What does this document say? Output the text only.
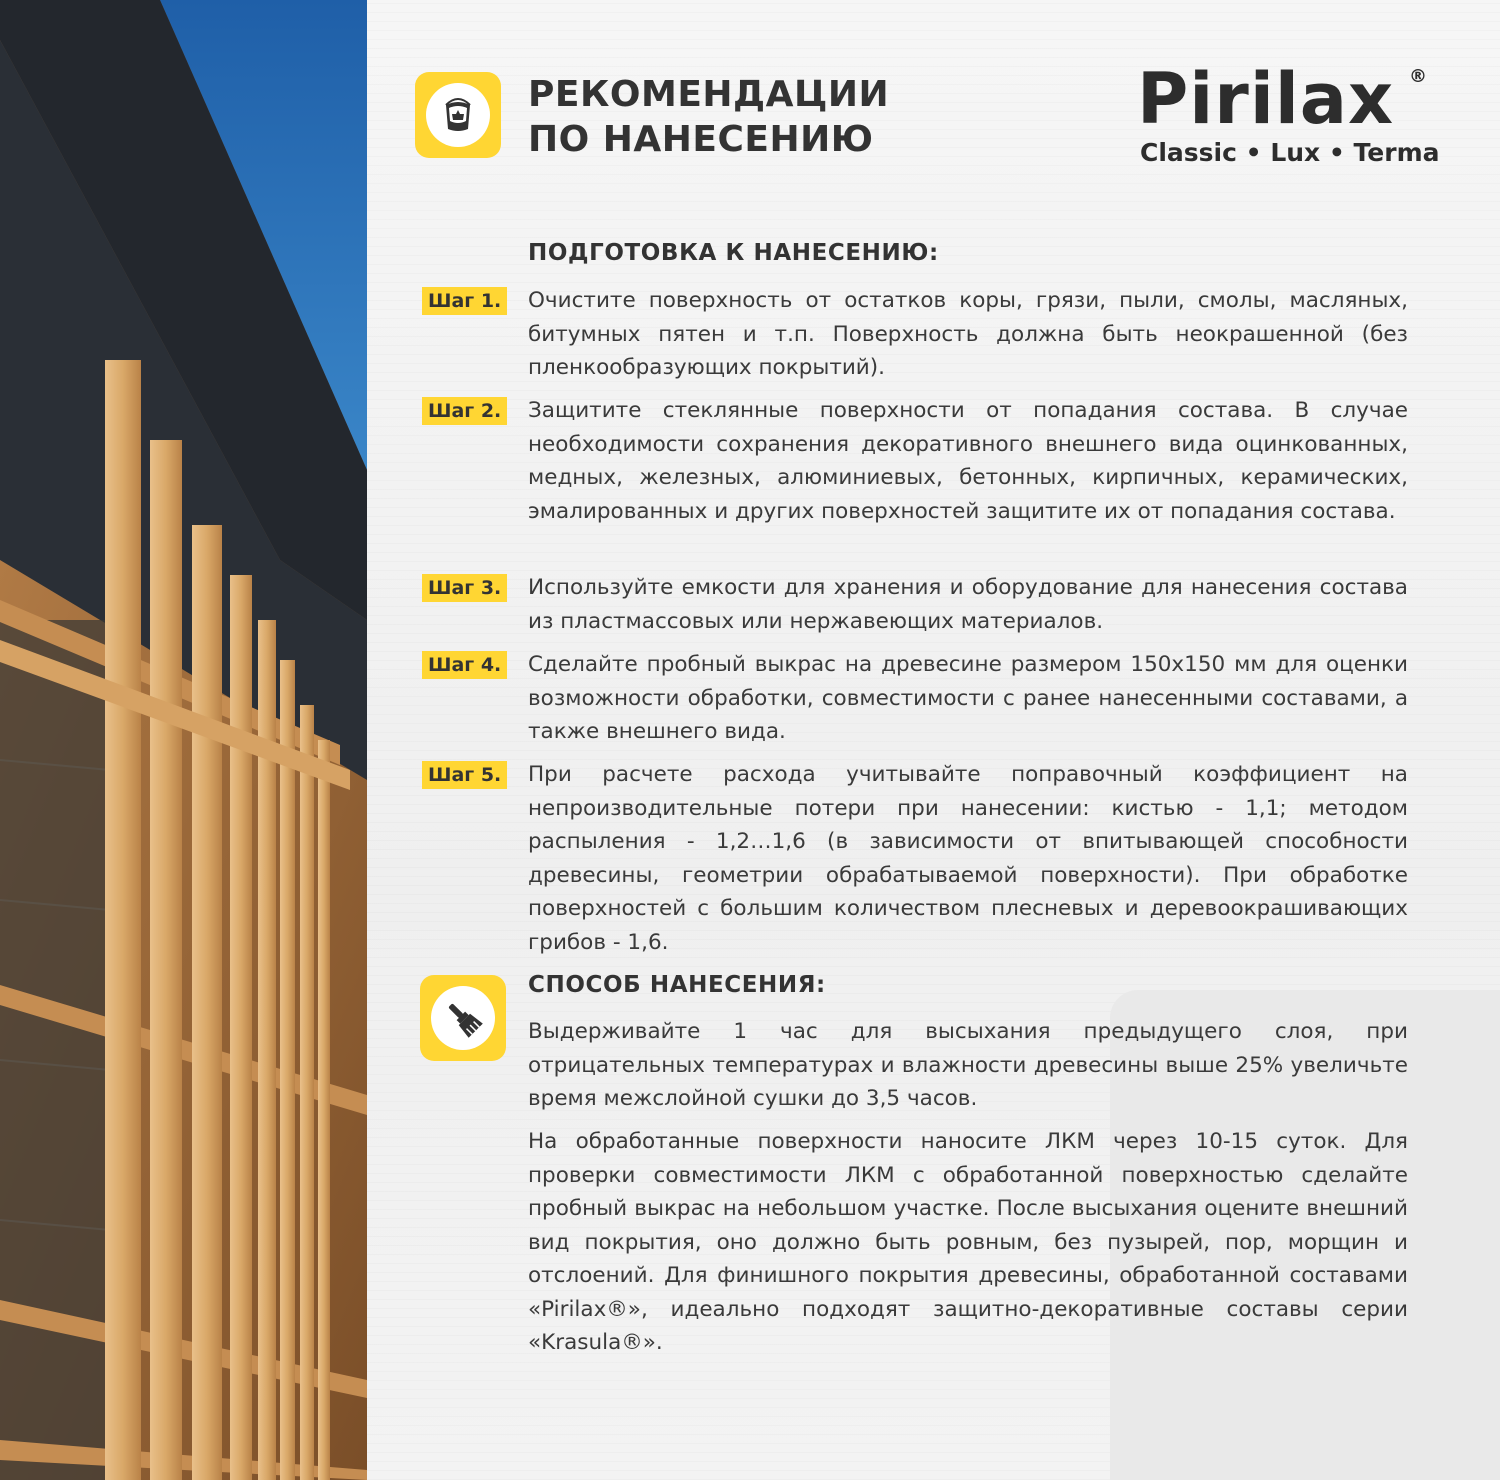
РЕКОМЕНДАЦИИ
ПО НАНЕСЕНИЮ	Pirilax ®
Classic • Lux • Terma
ПОДГОТОВКА К НАНЕСЕНИЮ:
Шаг 1. Очистите поверхность от остатков коры, грязи, пыли, смолы, масляных, битумных пятен и т.п. Поверхность должна быть неокрашенной (без пленкообразующих покрытий).

Шаг 2. Защитите стеклянные поверхности от попадания состава. В случае необходимости сохранения декоративного внешнего вида оцинкованных, медных, железных, алюминиевых, бетонных, кирпичных, керамических, эмалированных и других поверхностей защитите их от попадания состава.

Шаг 3. Используйте емкости для хранения и оборудование для нанесения состава из пластмассовых или нержавеющих материалов.

Шаг 4. Сделайте пробный выкрас на древесине размером 150х150 мм для оценки возможности обработки, совместимости с ранее нанесенными составами, а также внешнего вида.

Шаг 5. При расчете расхода учитывайте поправочный коэффициент на непроизводительные потери при нанесении: кистью - 1,1; методом распыления - 1,2…1,6 (в зависимости от впитывающей способности древесины, геометрии обрабатываемой поверхности). При обработке поверхностей с большим количеством плесневых и деревоокрашивающих грибов - 1,6.

СПОСОБ НАНЕСЕНИЯ:

Выдерживайте 1 час для высыхания предыдущего слоя, при отрицательных температурах и влажности древесины выше 25% увеличьте время межслойной сушки до 3,5 часов.

На обработанные поверхности наносите ЛКМ через 10-15 суток. Для проверки совместимости ЛКМ с обработанной поверхностью сделайте пробный выкрас на небольшом участке. После высыхания оцените внешний вид покрытия, оно должно быть ровным, без пузырей, пор, морщин и отслоений. Для финишного покрытия древесины, обработанной составами «Pirilax®», идеально подходят защитно-декоративные составы серии «Krasula®».
